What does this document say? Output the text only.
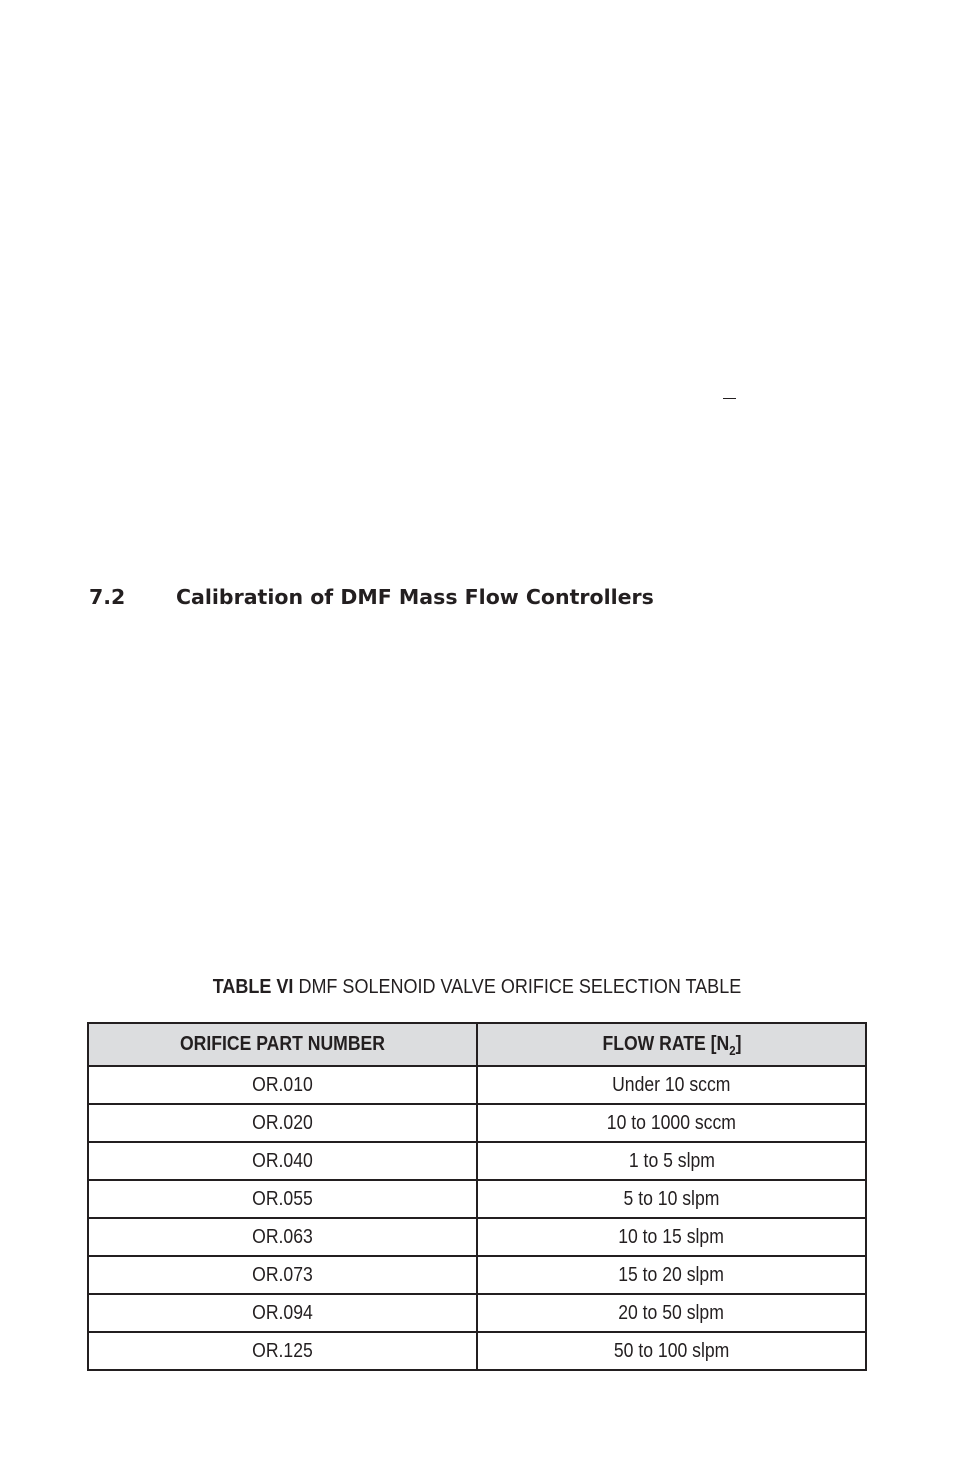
7.2 Calibration of DMF Mass Flow Controllers
TABLE VI DMF SOLENOID VALVE ORIFICE SELECTION TABLE
ORIFICE PART NUMBER	FLOW RATE $[N_2]$
OR.010	Under 10 sccm
OR.020	10 to 1000 sccm
OR.040	1 to 5 slpm
OR.055	5 to 10 slpm
OR.063	10 to 15 slpm
OR.073	15 to 20 slpm
OR.094	20 to 50 slpm
OR.125	50 to 100 slpm
